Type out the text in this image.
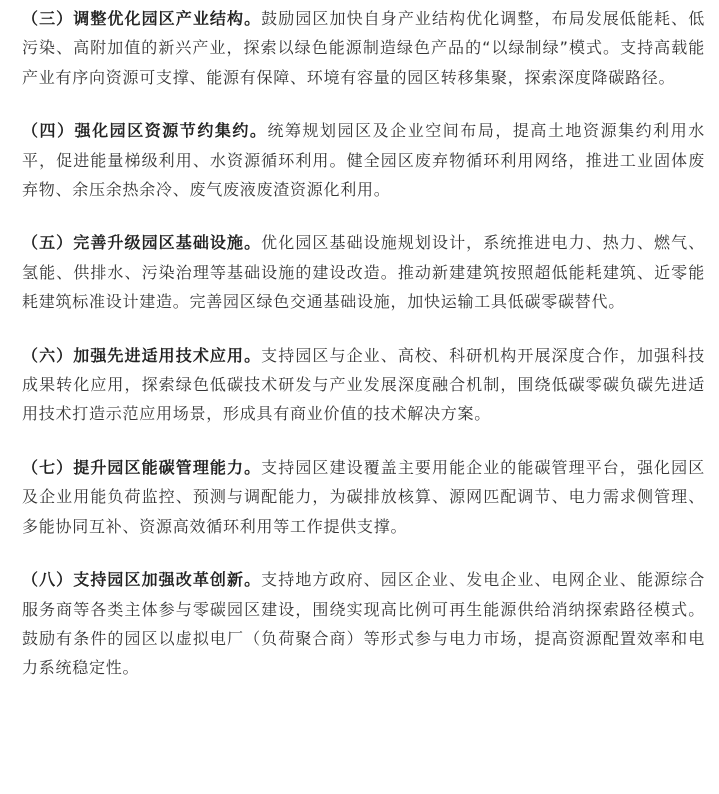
（三）调整优化园区产业结构。鼓励园区加快自身产业结构优化调整，布局发展低能耗、低污染、高附加值的新兴产业，探索以绿色能源制造绿色产品的“以绿制绿”模式。支持高载能产业有序向资源可支撑、能源有保障、环境有容量的园区转移集聚，探索深度降碳路径。

（四）强化园区资源节约集约。统筹规划园区及企业空间布局，提高土地资源集约利用水平，促进能量梯级利用、水资源循环利用。健全园区废弃物循环利用网络，推进工业固体废弃物、余压余热余冷、废气废液废渣资源化利用。

（五）完善升级园区基础设施。优化园区基础设施规划设计，系统推进电力、热力、燃气、氢能、供排水、污染治理等基础设施的建设改造。推动新建建筑按照超低能耗建筑、近零能耗建筑标准设计建造。完善园区绿色交通基础设施，加快运输工具低碳零碳替代。

（六）加强先进适用技术应用。支持园区与企业、高校、科研机构开展深度合作，加强科技成果转化应用，探索绿色低碳技术研发与产业发展深度融合机制，围绕低碳零碳负碳先进适用技术打造示范应用场景，形成具有商业价值的技术解决方案。

（七）提升园区能碳管理能力。支持园区建设覆盖主要用能企业的能碳管理平台，强化园区及企业用能负荷监控、预测与调配能力，为碳排放核算、源网匹配调节、电力需求侧管理、多能协同互补、资源高效循环利用等工作提供支撑。

（八）支持园区加强改革创新。支持地方政府、园区企业、发电企业、电网企业、能源综合服务商等各类主体参与零碳园区建设，围绕实现高比例可再生能源供给消纳探索路径模式。鼓励有条件的园区以虚拟电厂（负荷聚合商）等形式参与电力市场，提高资源配置效率和电力系统稳定性。
